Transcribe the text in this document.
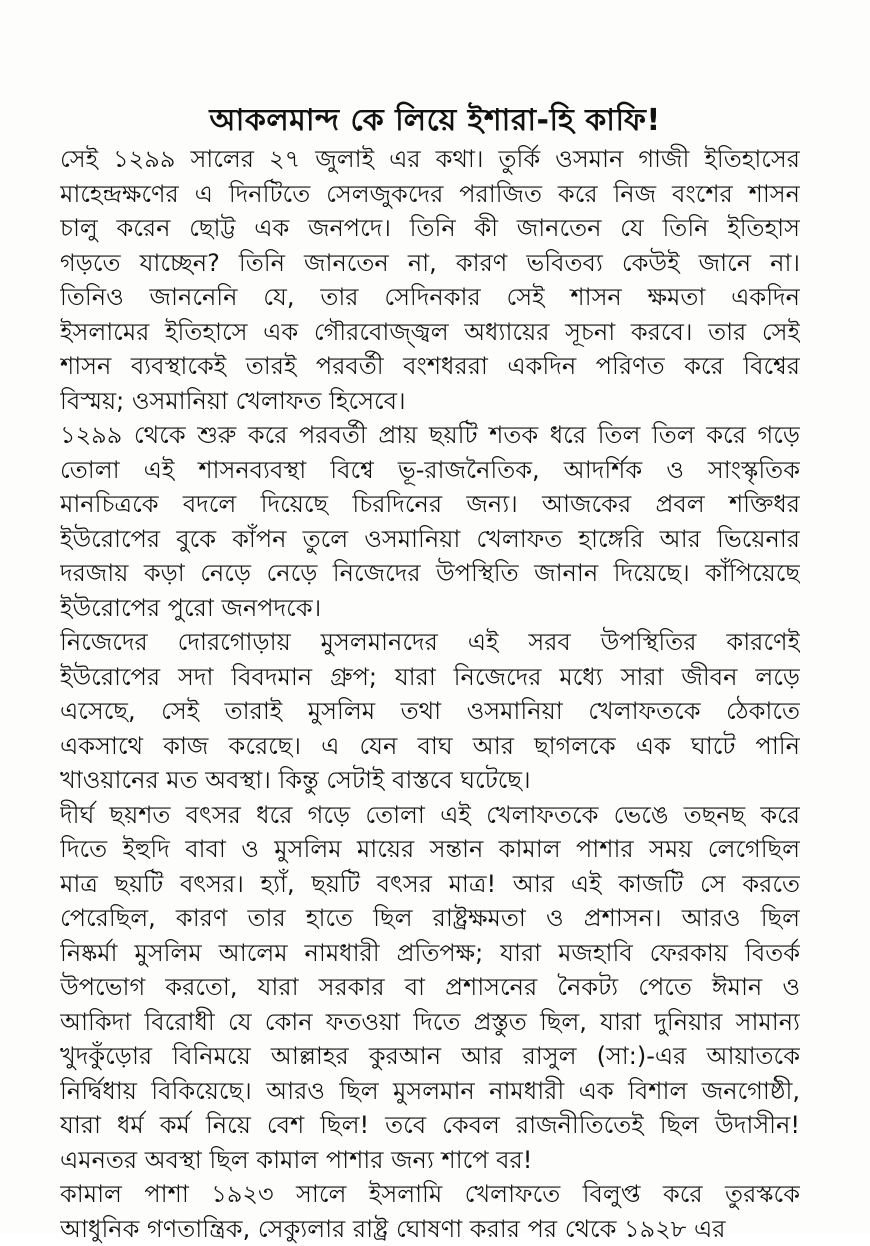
আকলমান্দ কে লিয়ে ইশারা-হি কাফি!
সেই ১২৯৯ সালের ২৭ জুলাই এর কথা। তুর্কি ওসমান গাজী ইতিহাসের
মাহেন্দ্রক্ষণের এ দিনটিতে সেলজুকদের পরাজিত করে নিজ বংশের শাসন
চালু করেন ছোট্ট এক জনপদে। তিনি কী জানতেন যে তিনি ইতিহাস
গড়তে যাচ্ছেন? তিনি জানতেন না, কারণ ভবিতব্য কেউই জানে না।
তিনিও জাননেনি যে, তার সেদিনকার সেই শাসন ক্ষমতা একদিন
ইসলামের ইতিহাসে এক গৌরবোজ্জ্বল অধ্যায়ের সূচনা করবে। তার সেই
শাসন ব্যবস্থাকেই তারই পরবর্তী বংশধররা একদিন পরিণত করে বিশ্বের
বিস্ময়; ওসমানিয়া খেলাফত হিসেবে।
১২৯৯ থেকে শুরু করে পরবর্তী প্রায় ছয়টি শতক ধরে তিল তিল করে গড়ে
তোলা এই শাসনব্যবস্থা বিশ্বে ভূ-রাজনৈতিক, আদর্শিক ও সাংস্কৃতিক
মানচিত্রকে বদলে দিয়েছে চিরদিনের জন্য। আজকের প্রবল শক্তিধর
ইউরোপের বুকে কাঁপন তুলে ওসমানিয়া খেলাফত হাঙ্গেরি আর ভিয়েনার
দরজায় কড়া নেড়ে নেড়ে নিজেদের উপস্থিতি জানান দিয়েছে। কাঁপিয়েছে
ইউরোপের পুরো জনপদকে।
নিজেদের দোরগোড়ায় মুসলমানদের এই সরব উপস্থিতির কারণেই
ইউরোপের সদা বিবদমান গ্রুপ; যারা নিজেদের মধ্যে সারা জীবন লড়ে
এসেছে, সেই তারাই মুসলিম তথা ওসমানিয়া খেলাফতকে ঠেকাতে
একসাথে কাজ করেছে। এ যেন বাঘ আর ছাগলকে এক ঘাটে পানি
খাওয়ানের মত অবস্থা। কিন্তু সেটাই বাস্তবে ঘটেছে।
দীর্ঘ ছয়শত বৎসর ধরে গড়ে তোলা এই খেলাফতকে ভেঙে তছনছ করে
দিতে ইহুদি বাবা ও মুসলিম মায়ের সন্তান কামাল পাশার সময় লেগেছিল
মাত্র ছয়টি বৎসর। হ্যাঁ, ছয়টি বৎসর মাত্র! আর এই কাজটি সে করতে
পেরেছিল, কারণ তার হাতে ছিল রাষ্ট্রক্ষমতা ও প্রশাসন। আরও ছিল
নিষ্কর্মা মুসলিম আলেম নামধারী প্রতিপক্ষ; যারা মজহাবি ফেরকায় বিতর্ক
উপভোগ করতো, যারা সরকার বা প্রশাসনের নৈকট্য পেতে ঈমান ও
আকিদা বিরোধী যে কোন ফতওয়া দিতে প্রস্তুত ছিল, যারা দুনিয়ার সামান্য
খুদকুঁড়োর বিনিময়ে আল্লাহর কুরআন আর রাসুল (সা:)-এর আয়াতকে
নির্দ্বিধায় বিকিয়েছে। আরও ছিল মুসলমান নামধারী এক বিশাল জনগোষ্ঠী,
যারা ধর্ম কর্ম নিয়ে বেশ ছিল! তবে কেবল রাজনীতিতেই ছিল উদাসীন!
এমনতর অবস্থা ছিল কামাল পাশার জন্য শাপে বর!
কামাল পাশা ১৯২৩ সালে ইসলামি খেলাফতে বিলুপ্ত করে তুরস্ককে
আধুনিক গণতান্ত্রিক, সেক্যুলার রাষ্ট্র ঘোষণা করার পর থেকে ১৯২৮ এর
